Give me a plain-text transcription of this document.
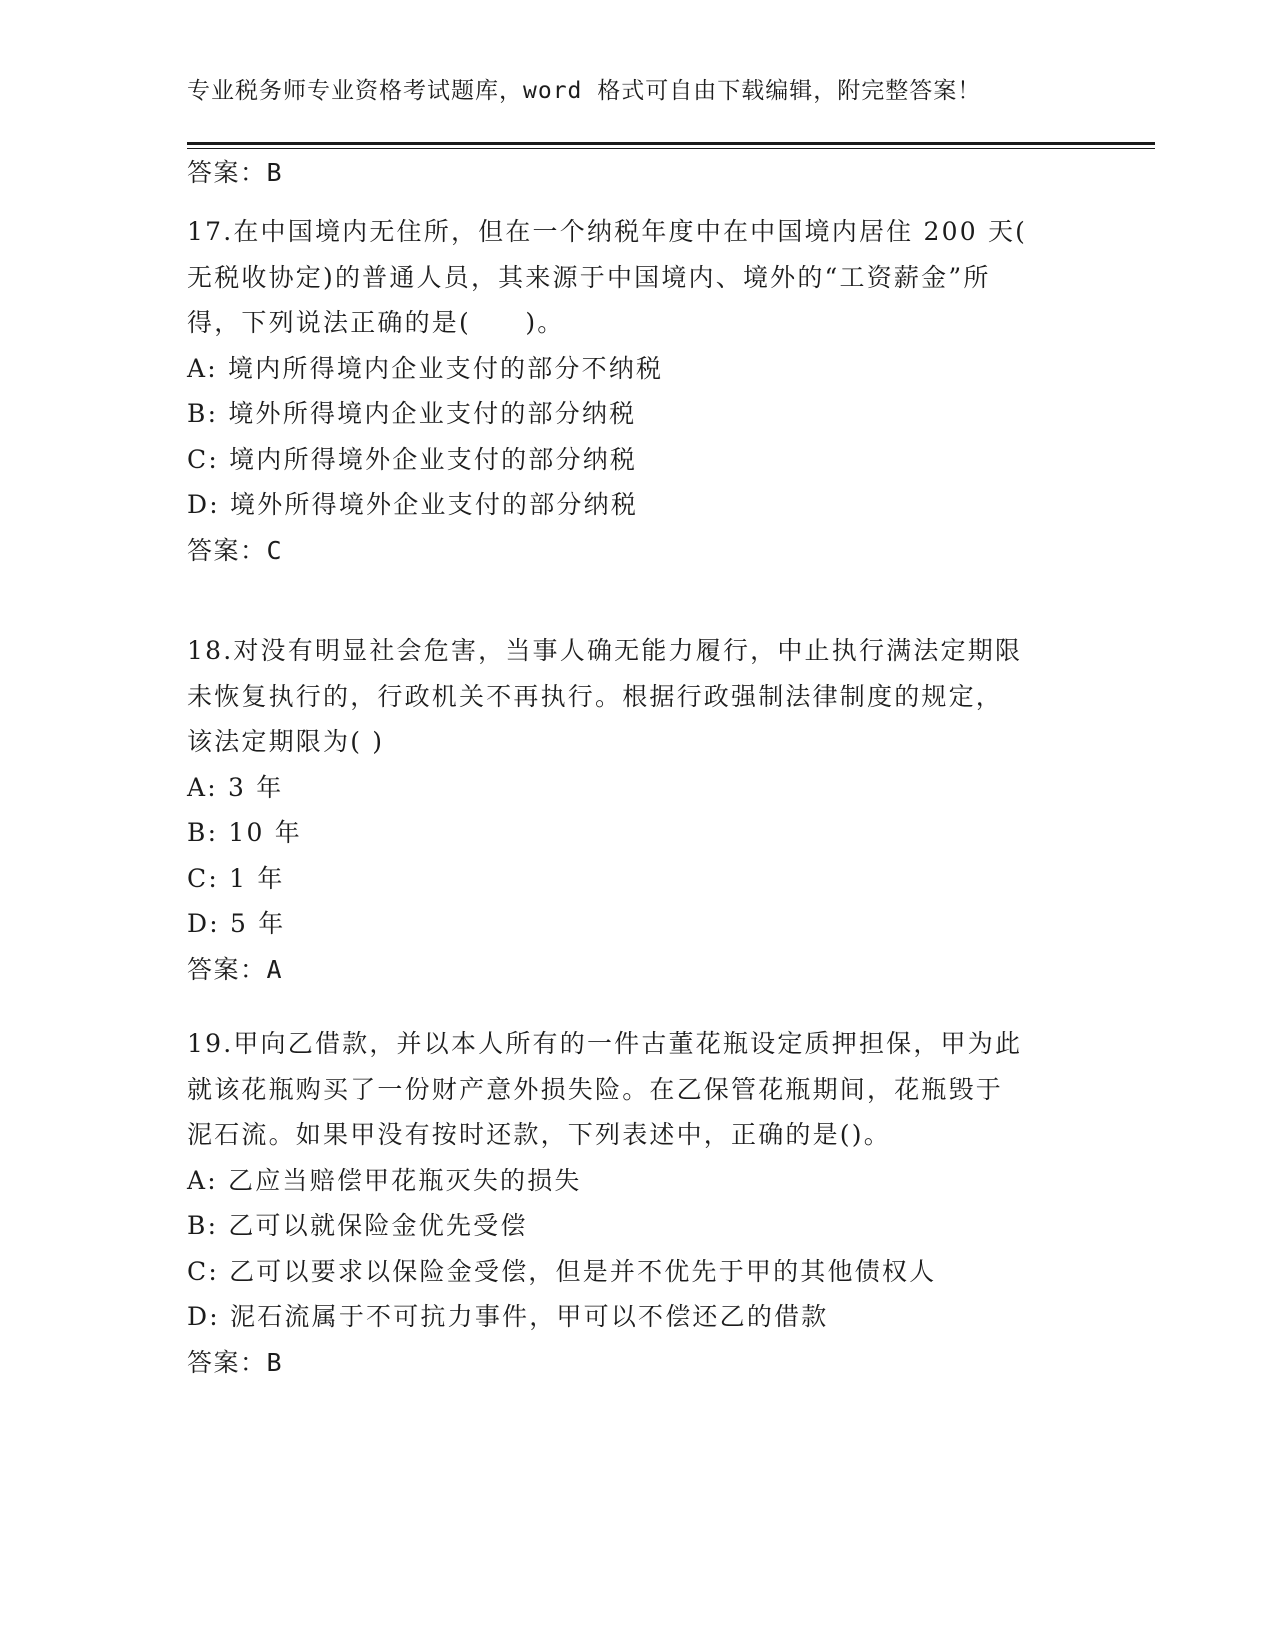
专业税务师专业资格考试题库，word 格式可自由下载编辑，附完整答案！
答案：B
17.在中国境内无住所，但在一个纳税年度中在中国境内居住 200 天(
无税收协定)的普通人员，其来源于中国境内、境外的“工资薪金”所
得，下列说法正确的是(　　)。
A: 境内所得境内企业支付的部分不纳税
B: 境外所得境内企业支付的部分纳税
C: 境内所得境外企业支付的部分纳税
D: 境外所得境外企业支付的部分纳税
答案：C
18.对没有明显社会危害，当事人确无能力履行，中止执行满法定期限
未恢复执行的，行政机关不再执行。根据行政强制法律制度的规定，
该法定期限为( )
A: 3 年
B: 10 年
C: 1 年
D: 5 年
答案：A
19.甲向乙借款，并以本人所有的一件古董花瓶设定质押担保，甲为此
就该花瓶购买了一份财产意外损失险。在乙保管花瓶期间，花瓶毁于
泥石流。如果甲没有按时还款，下列表述中，正确的是()。
A: 乙应当赔偿甲花瓶灭失的损失
B: 乙可以就保险金优先受偿
C: 乙可以要求以保险金受偿，但是并不优先于甲的其他债权人
D: 泥石流属于不可抗力事件，甲可以不偿还乙的借款
答案：B
